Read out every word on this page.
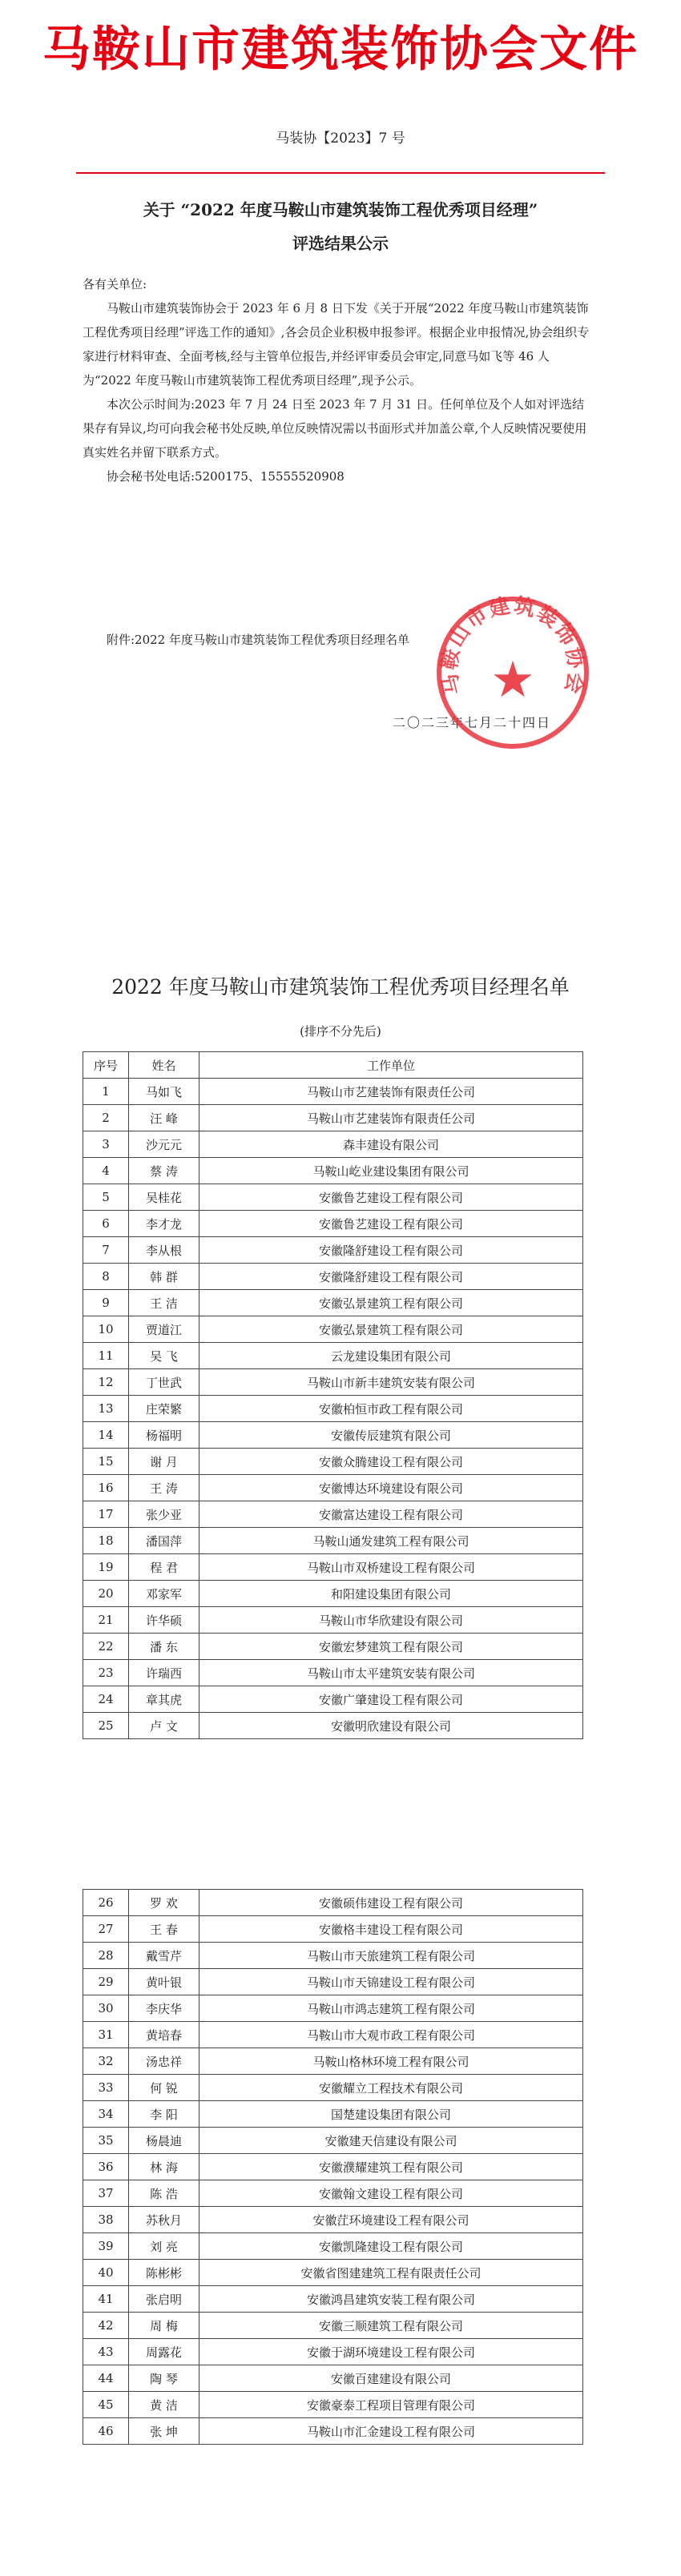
马鞍山市建筑装饰协会文件
马装协【2023】7 号
关于 “2022 年度马鞍山市建筑装饰工程优秀项目经理”
评选结果公示

各有关单位:

马鞍山市建筑装饰协会于 2023 年 6 月 8 日下发《关于开展“2022 年度马鞍山市建筑装饰工程优秀项目经理”评选工作的通知》,各会员企业积极申报参评。根据企业申报情况,协会组织专家进行材料审查、全面考核,经与主管单位报告,并经评审委员会审定,同意马如飞等 46 人为“2022 年度马鞍山市建筑装饰工程优秀项目经理”,现予公示。

本次公示时间为:2023 年 7 月 24 日至 2023 年 7 月 31 日。任何单位及个人如对评选结果存有异议,均可向我会秘书处反映,单位反映情况需以书面形式并加盖公章,个人反映情况要使用真实姓名并留下联系方式。

协会秘书处电话:5200175、15555520908

附件:2022 年度马鞍山市建筑装饰工程优秀项目经理名单
二〇二三年七月二十四日
马鞍山市建筑装饰协会
★
2022 年度马鞍山市建筑装饰工程优秀项目经理名单
(排序不分先后)
序号	姓名	工作单位
1	马如飞	马鞍山市艺建装饰有限责任公司
2	汪 峰	马鞍山市艺建装饰有限责任公司
3	沙元元	森丰建设有限公司
4	蔡 涛	马鞍山屹业建设集团有限公司
5	吴桂花	安徽鲁艺建设工程有限公司
6	李才龙	安徽鲁艺建设工程有限公司
7	李从根	安徽隆舒建设工程有限公司
8	韩 群	安徽隆舒建设工程有限公司
9	王 洁	安徽弘景建筑工程有限公司
10	贾道江	安徽弘景建筑工程有限公司
11	吴 飞	云龙建设集团有限公司
12	丁世武	马鞍山市新丰建筑安装有限公司
13	庄荣繁	安徽柏恒市政工程有限公司
14	杨福明	安徽传辰建筑有限公司
15	谢 月	安徽众腾建设工程有限公司
16	王 涛	安徽博达环境建设有限公司
17	张少亚	安徽富达建设工程有限公司
18	潘国萍	马鞍山通发建筑工程有限公司
19	程 君	马鞍山市双桥建设工程有限公司
20	邓家军	和阳建设集团有限公司
21	许华硕	马鞍山市华欣建设有限公司
22	潘 东	安徽宏梦建筑工程有限公司
23	许瑞西	马鞍山市太平建筑安装有限公司
24	章其虎	安徽广肇建设工程有限公司
25	卢 文	安徽明欣建设有限公司
26	罗 欢	安徽硕伟建设工程有限公司
27	王 春	安徽格丰建设工程有限公司
28	戴雪芹	马鞍山市天旅建筑工程有限公司
29	黄叶银	马鞍山市天锦建设工程有限公司
30	李庆华	马鞍山市鸿志建筑工程有限公司
31	黄培春	马鞍山市大观市政工程有限公司
32	汤忠祥	马鞍山格林环境工程有限公司
33	何 锐	安徽耀立工程技术有限公司
34	李 阳	国楚建设集团有限公司
35	杨晨迪	安徽建天信建设有限公司
36	林 海	安徽濮耀建筑工程有限公司
37	陈 浩	安徽翰文建设工程有限公司
38	苏秋月	安徽茳环境建设工程有限公司
39	刘 亮	安徽凯隆建设工程有限公司
40	陈彬彬	安徽省图建建筑工程有限责任公司
41	张启明	安徽鸿昌建筑安装工程有限公司
42	周 梅	安徽三顺建筑工程有限公司
43	周露花	安徽于湖环境建设工程有限公司
44	陶 琴	安徽百建建设有限公司
45	黄 洁	安徽豪泰工程项目管理有限公司
46	张 坤	马鞍山市汇金建设工程有限公司
